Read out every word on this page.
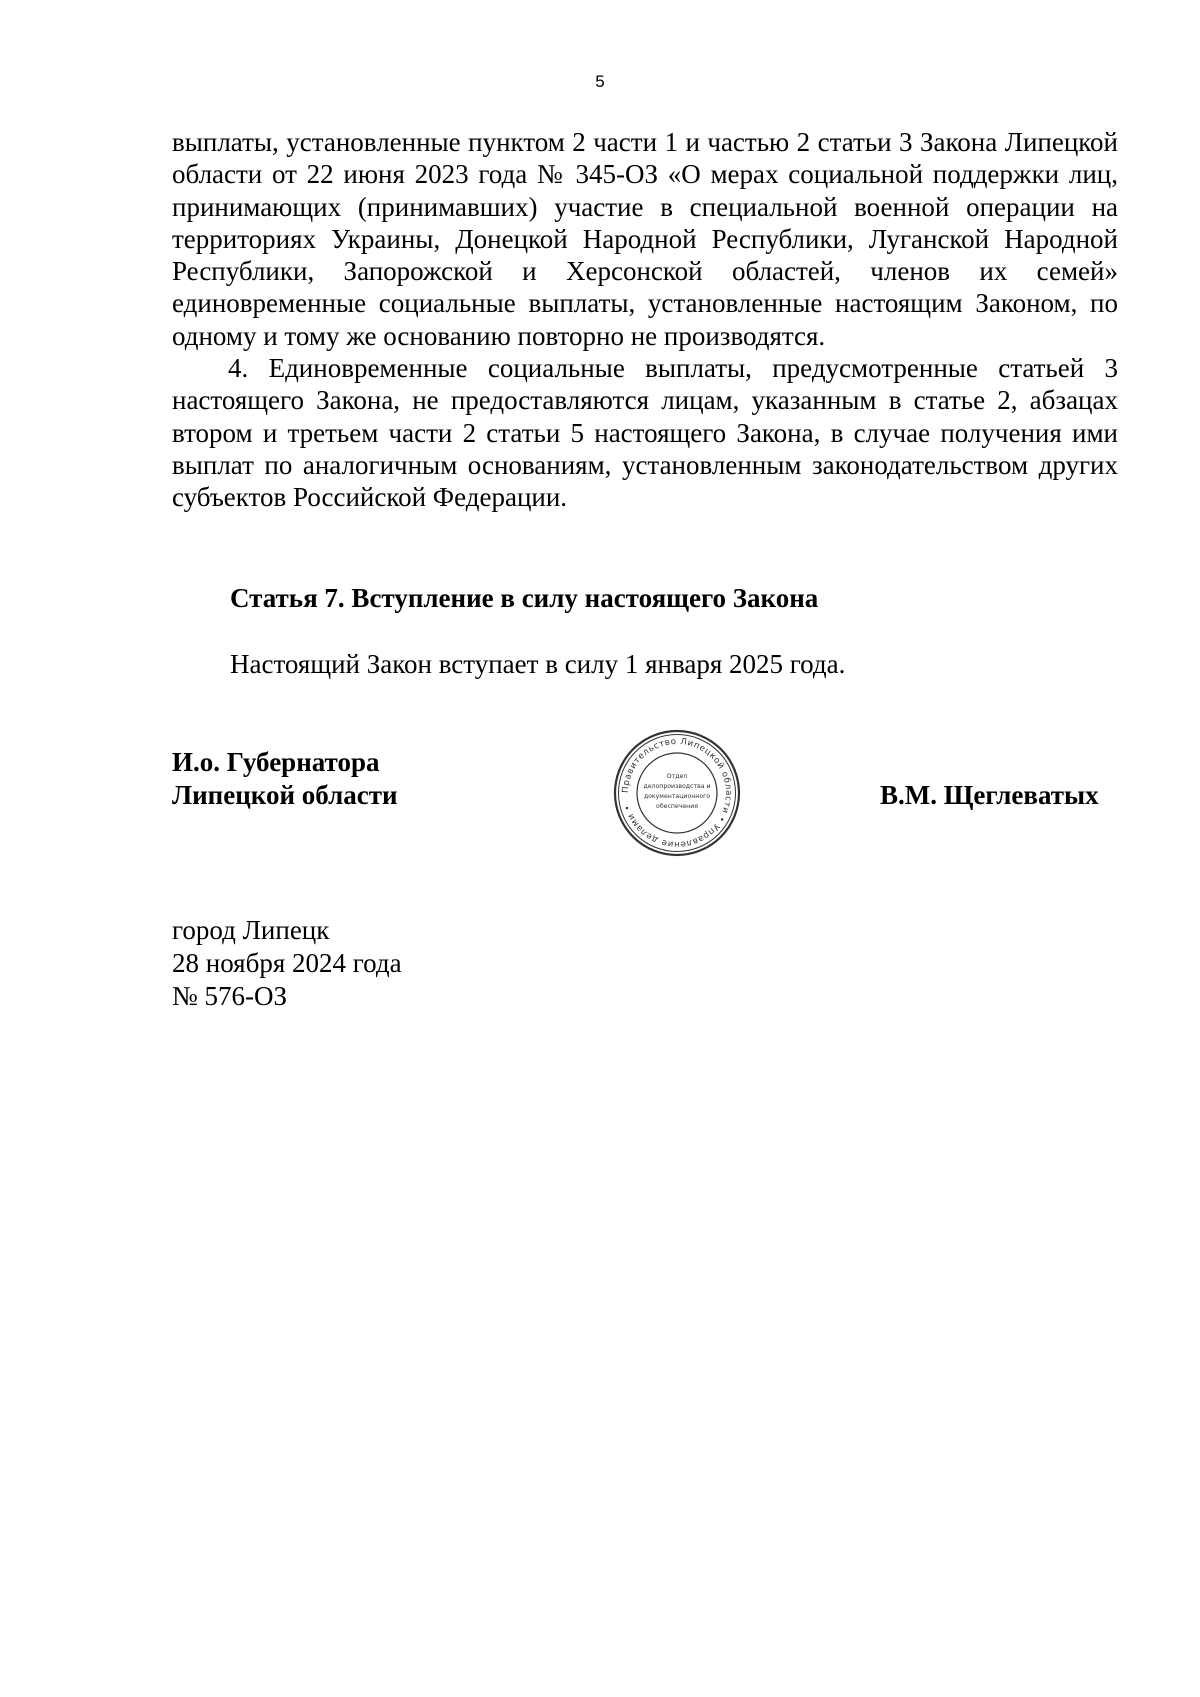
5

выплаты, установленные пунктом 2 части 1 и частью 2 статьи 3 Закона Липецкой области от 22 июня 2023 года № 345-ОЗ «О мерах социальной поддержки лиц, принимающих (принимавших) участие в специальной военной операции на территориях Украины, Донецкой Народной Республики, Луганской Народной Республики, Запорожской и Херсонской областей, членов их семей» единовременные социальные выплаты, установленные настоящим Законом, по одному и тому же основанию повторно не производятся.

4. Единовременные социальные выплаты, предусмотренные статьей 3 настоящего Закона, не предоставляются лицам, указанным в статье 2, абзацах втором и третьем части 2 статьи 5 настоящего Закона, в случае получения ими выплат по аналогичным основаниям, установленным законодательством других субъектов Российской Федерации.

Статья 7. Вступление в силу настоящего Закона
Настоящий Закон вступает в силу 1 января 2025 года.
И.о. Губернатора
Липецкой области	Правительство Липецкой области • Управление делами •
Отдел
делопроизводства и
документационного
обеспечения	В.М. Щеглеватых
город Липецк
28 ноября 2024 года
№ 576-ОЗ
